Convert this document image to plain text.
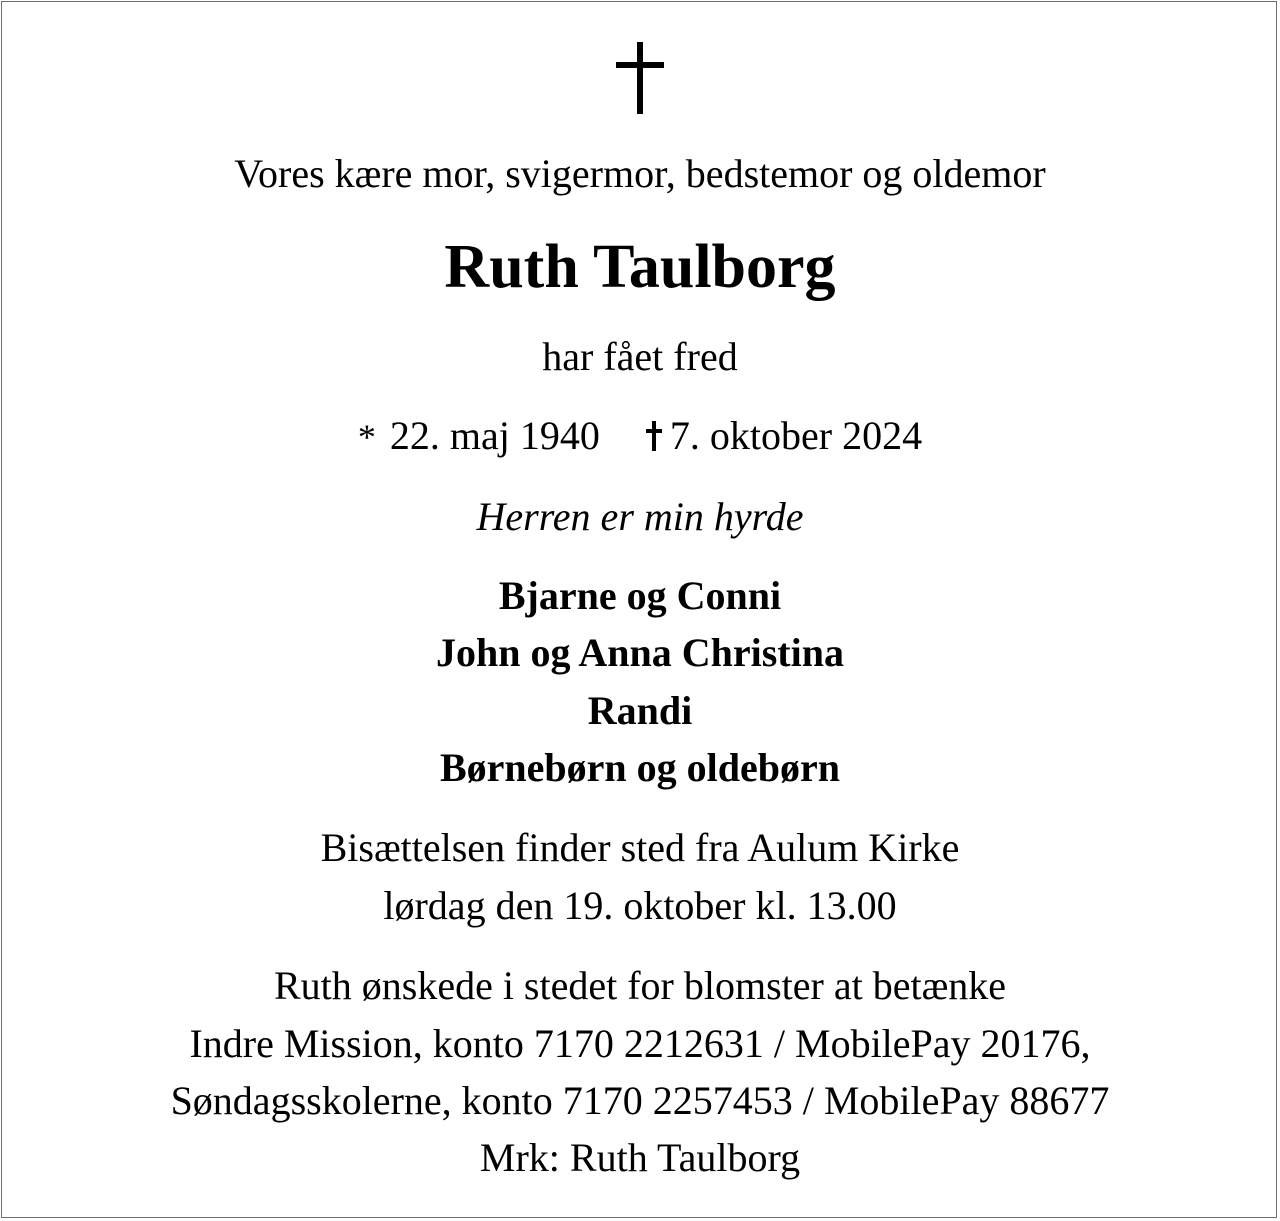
Vores kære mor, svigermor, bedstemor og oldemor
Ruth Taulborg
har fået fred
* 22. maj 1940 7. oktober 2024
Herren er min hyrde
Bjarne og Conni
John og Anna Christina
Randi
Børnebørn og oldebørn
Bisættelsen finder sted fra Aulum Kirke
lørdag den 19. oktober kl. 13.00
Ruth ønskede i stedet for blomster at betænke
Indre Mission, konto 7170 2212631 / MobilePay 20176,
Søndagsskolerne, konto 7170 2257453 / MobilePay 88677
Mrk: Ruth Taulborg
